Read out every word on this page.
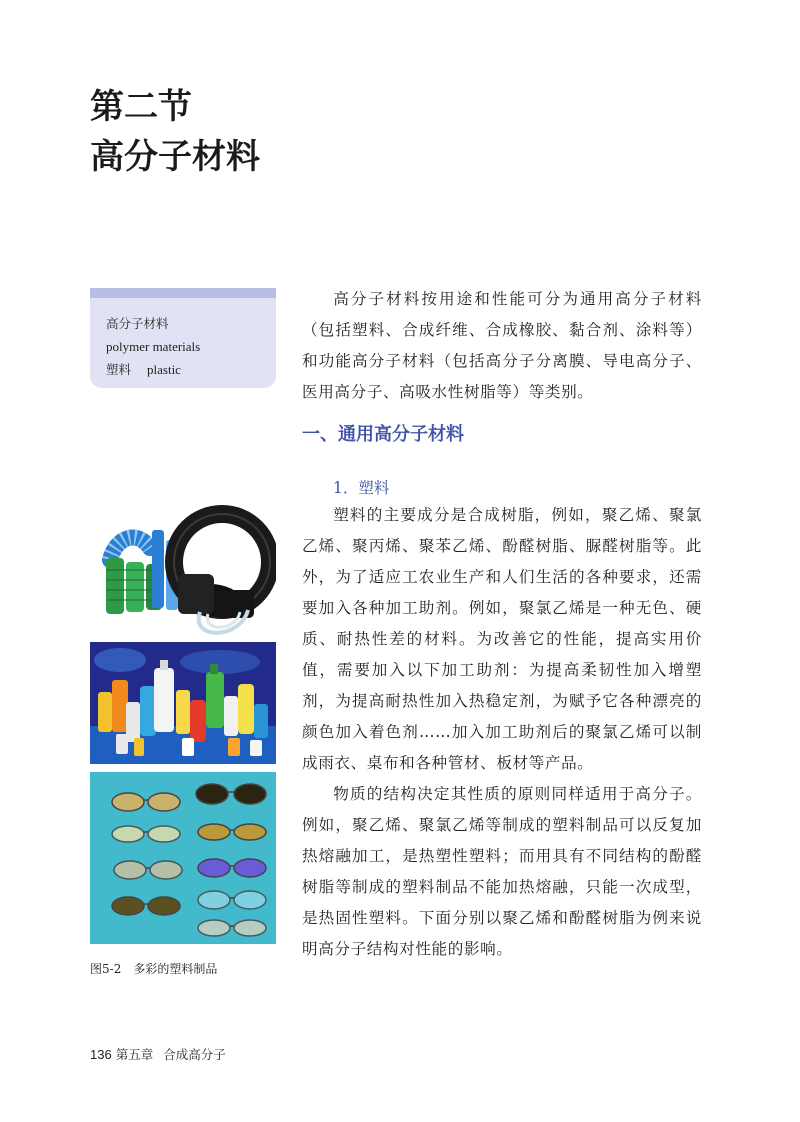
第二节
高分子材料
高分子材料
polymer materials
塑料 plastic

高分子材料按用途和性能可分为通用高分子材料（包括塑料、合成纤维、合成橡胶、黏合剂、涂料等）和功能高分子材料（包括高分子分离膜、导电高分子、医用高分子、高吸水性树脂等）等类别。

一、通用高分子材料
1．塑料

塑料的主要成分是合成树脂，例如，聚乙烯、聚氯乙烯、聚丙烯、聚苯乙烯、酚醛树脂、脲醛树脂等。此外，为了适应工农业生产和人们生活的各种要求，还需要加入各种加工助剂。例如，聚氯乙烯是一种无色、硬质、耐热性差的材料。为改善它的性能，提高实用价值，需要加入以下加工助剂：为提高柔韧性加入增塑剂，为提高耐热性加入热稳定剂，为赋予它各种漂亮的颜色加入着色剂……加入加工助剂后的聚氯乙烯可以制成雨衣、桌布和各种管材、板材等产品。

物质的结构决定其性质的原则同样适用于高分子。例如，聚乙烯、聚氯乙烯等制成的塑料制品可以反复加热熔融加工，是热塑性塑料；而用具有不同结构的酚醛树脂等制成的塑料制品不能加热熔融，只能一次成型，是热固性塑料。下面分别以聚乙烯和酚醛树脂为例来说明高分子结构对性能的影响。

图5-2　多彩的塑料制品
136 第五章 合成高分子
